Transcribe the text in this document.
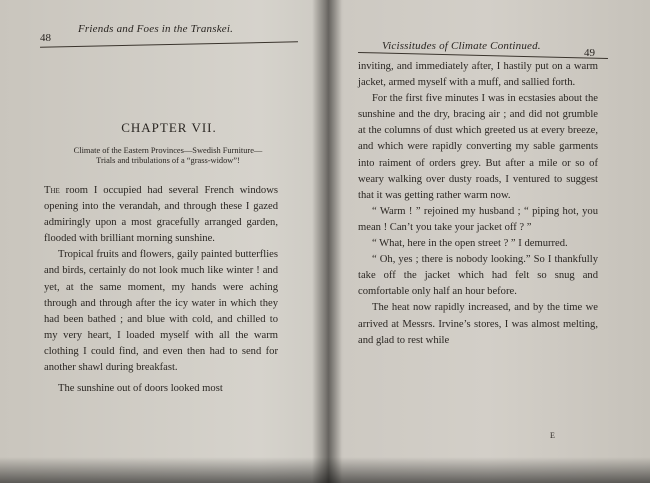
48
Friends and Foes in the Transkei.
CHAPTER VII.
Climate of the Eastern Provinces—Swedish Furniture—
Trials and tribulations of a “grass-widow”!

The room I occupied had several French windows opening into the verandah, and through these I gazed admiringly upon a most gracefully arranged garden, flooded with brilliant morning sunshine.

Tropical fruits and flowers, gaily painted butterflies and birds, certainly do not look much like winter ! and yet, at the same moment, my hands were aching through and through after the icy water in which they had been bathed ; and blue with cold, and chilled to my very heart, I loaded myself with all the warm clothing I could find, and even then had to send for another shawl during breakfast.

The sunshine out of doors looked most

Vicissitudes of Climate Continued.
49

inviting, and immediately after, I hastily put on a warm jacket, armed myself with a muff, and sallied forth.

For the first five minutes I was in ecstasies about the sunshine and the dry, bracing air ; and did not grumble at the columns of dust which greeted us at every breeze, and which were rapidly converting my sable garments into raiment of orders grey. But after a mile or so of weary walking over dusty roads, I ventured to suggest that it was getting rather warm now.

“ Warm ! ” rejoined my husband ; “ piping hot, you mean ! Can’t you take your jacket off ? ”

“ What, here in the open street ? ” I demurred.

“ Oh, yes ; there is nobody looking.” So I thankfully take off the jacket which had felt so snug and comfortable only half an hour before.

The heat now rapidly increased, and by the time we arrived at Messrs. Irvine’s stores, I was almost melting, and glad to rest while

E
